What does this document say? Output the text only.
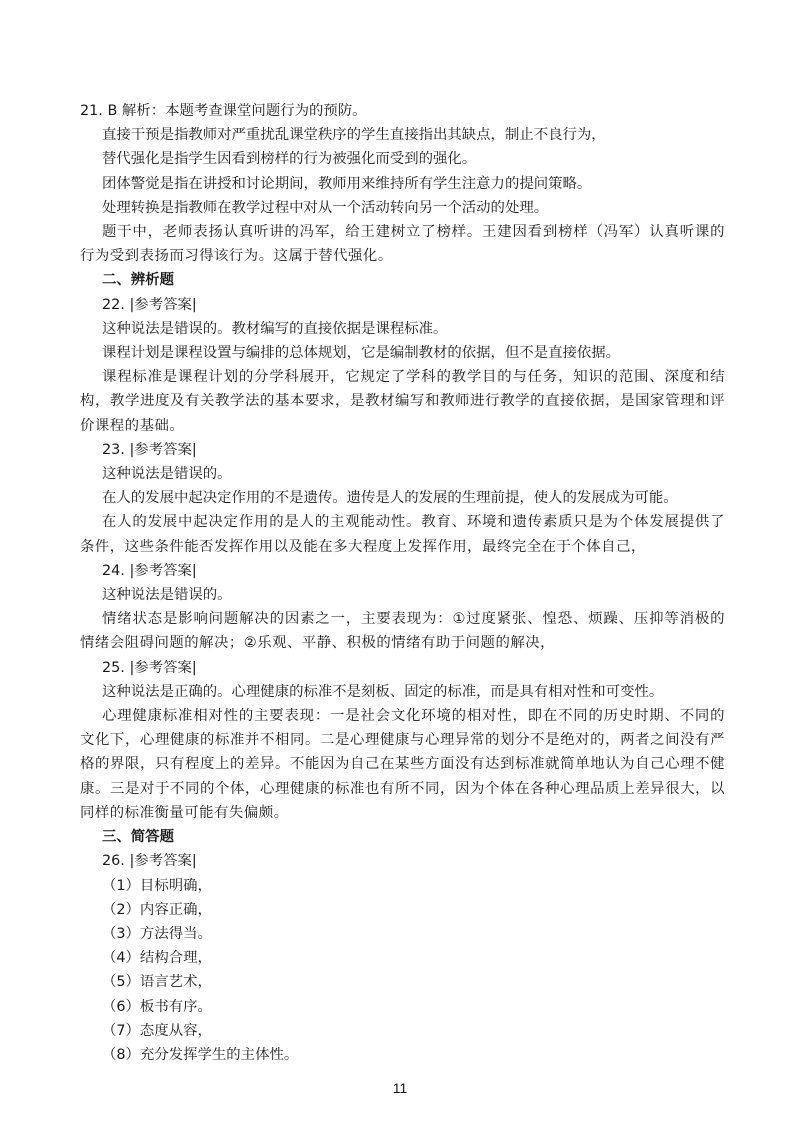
21. B 解析：本题考查课堂问题行为的预防。

直接干预是指教师对严重扰乱课堂秩序的学生直接指出其缺点，制止不良行为，

替代强化是指学生因看到榜样的行为被强化而受到的强化。

团体警觉是指在讲授和讨论期间，教师用来维持所有学生注意力的提问策略。

处理转换是指教师在教学过程中对从一个活动转向另一个活动的处理。

题干中，老师表扬认真听讲的冯军，给王建树立了榜样。王建因看到榜样（冯军）认真听课的行为受到表扬而习得该行为。这属于替代强化。

二、辨析题

22. |参考答案|

这种说法是错误的。教材编写的直接依据是课程标准。

课程计划是课程设置与编排的总体规划，它是编制教材的依据，但不是直接依据。

课程标准是课程计划的分学科展开，它规定了学科的教学目的与任务，知识的范围、深度和结构，教学进度及有关教学法的基本要求，是教材编写和教师进行教学的直接依据，是国家管理和评价课程的基础。

23. |参考答案|

这种说法是错误的。

在人的发展中起决定作用的不是遗传。遗传是人的发展的生理前提，使人的发展成为可能。

在人的发展中起决定作用的是人的主观能动性。教育、环境和遗传素质只是为个体发展提供了条件，这些条件能否发挥作用以及能在多大程度上发挥作用，最终完全在于个体自己，

24. |参考答案|

这种说法是错误的。

情绪状态是影响问题解决的因素之一，主要表现为：①过度紧张、惶恐、烦躁、压抑等消极的情绪会阻碍问题的解决；②乐观、平静、积极的情绪有助于问题的解决，

25. |参考答案|

这种说法是正确的。心理健康的标准不是刻板、固定的标准，而是具有相对性和可变性。

心理健康标准相对性的主要表现：一是社会文化环境的相对性，即在不同的历史时期、不同的文化下，心理健康的标准并不相同。二是心理健康与心理异常的划分不是绝对的，两者之间没有严格的界限，只有程度上的差异。不能因为自己在某些方面没有达到标准就简单地认为自己心理不健康。三是对于不同的个体，心理健康的标准也有所不同，因为个体在各种心理品质上差异很大，以同样的标准衡量可能有失偏颇。

三、简答题

26. |参考答案|

（1）目标明确，

（2）内容正确，

（3）方法得当。

（4）结构合理，

（5）语言艺术，

（6）板书有序。

（7）态度从容，

（8）充分发挥学生的主体性。

11
